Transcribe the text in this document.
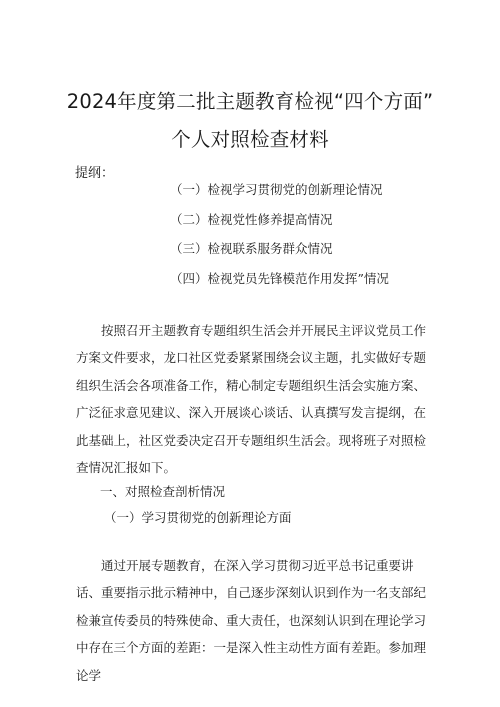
2024年度第二批主题教育检视“四个方面”
个人对照检查材料
提纲：
（一）检视学习贯彻党的创新理论情况
（二）检视党性修养提高情况
（三）检视联系服务群众情况
（四）检视党员先锋模范作用发挥”情况

按照召开主题教育专题组织生活会并开展民主评议党员工作方案文件要求，龙口社区党委紧紧围绕会议主题，扎实做好专题组织生活会各项准备工作，精心制定专题组织生活会实施方案、广泛征求意见建议、深入开展谈心谈话、认真撰写发言提纲，在此基础上，社区党委决定召开专题组织生活会。现将班子对照检查情况汇报如下。

一、对照检查剖析情况
（一）学习贯彻党的创新理论方面

通过开展专题教育，在深入学习贯彻习近平总书记重要讲话、重要指示批示精神中，自己逐步深刻认识到作为一名支部纪检兼宣传委员的特殊使命、重大责任，也深刻认识到在理论学习中存在三个方面的差距：一是深入性主动性方面有差距。参加理论学
